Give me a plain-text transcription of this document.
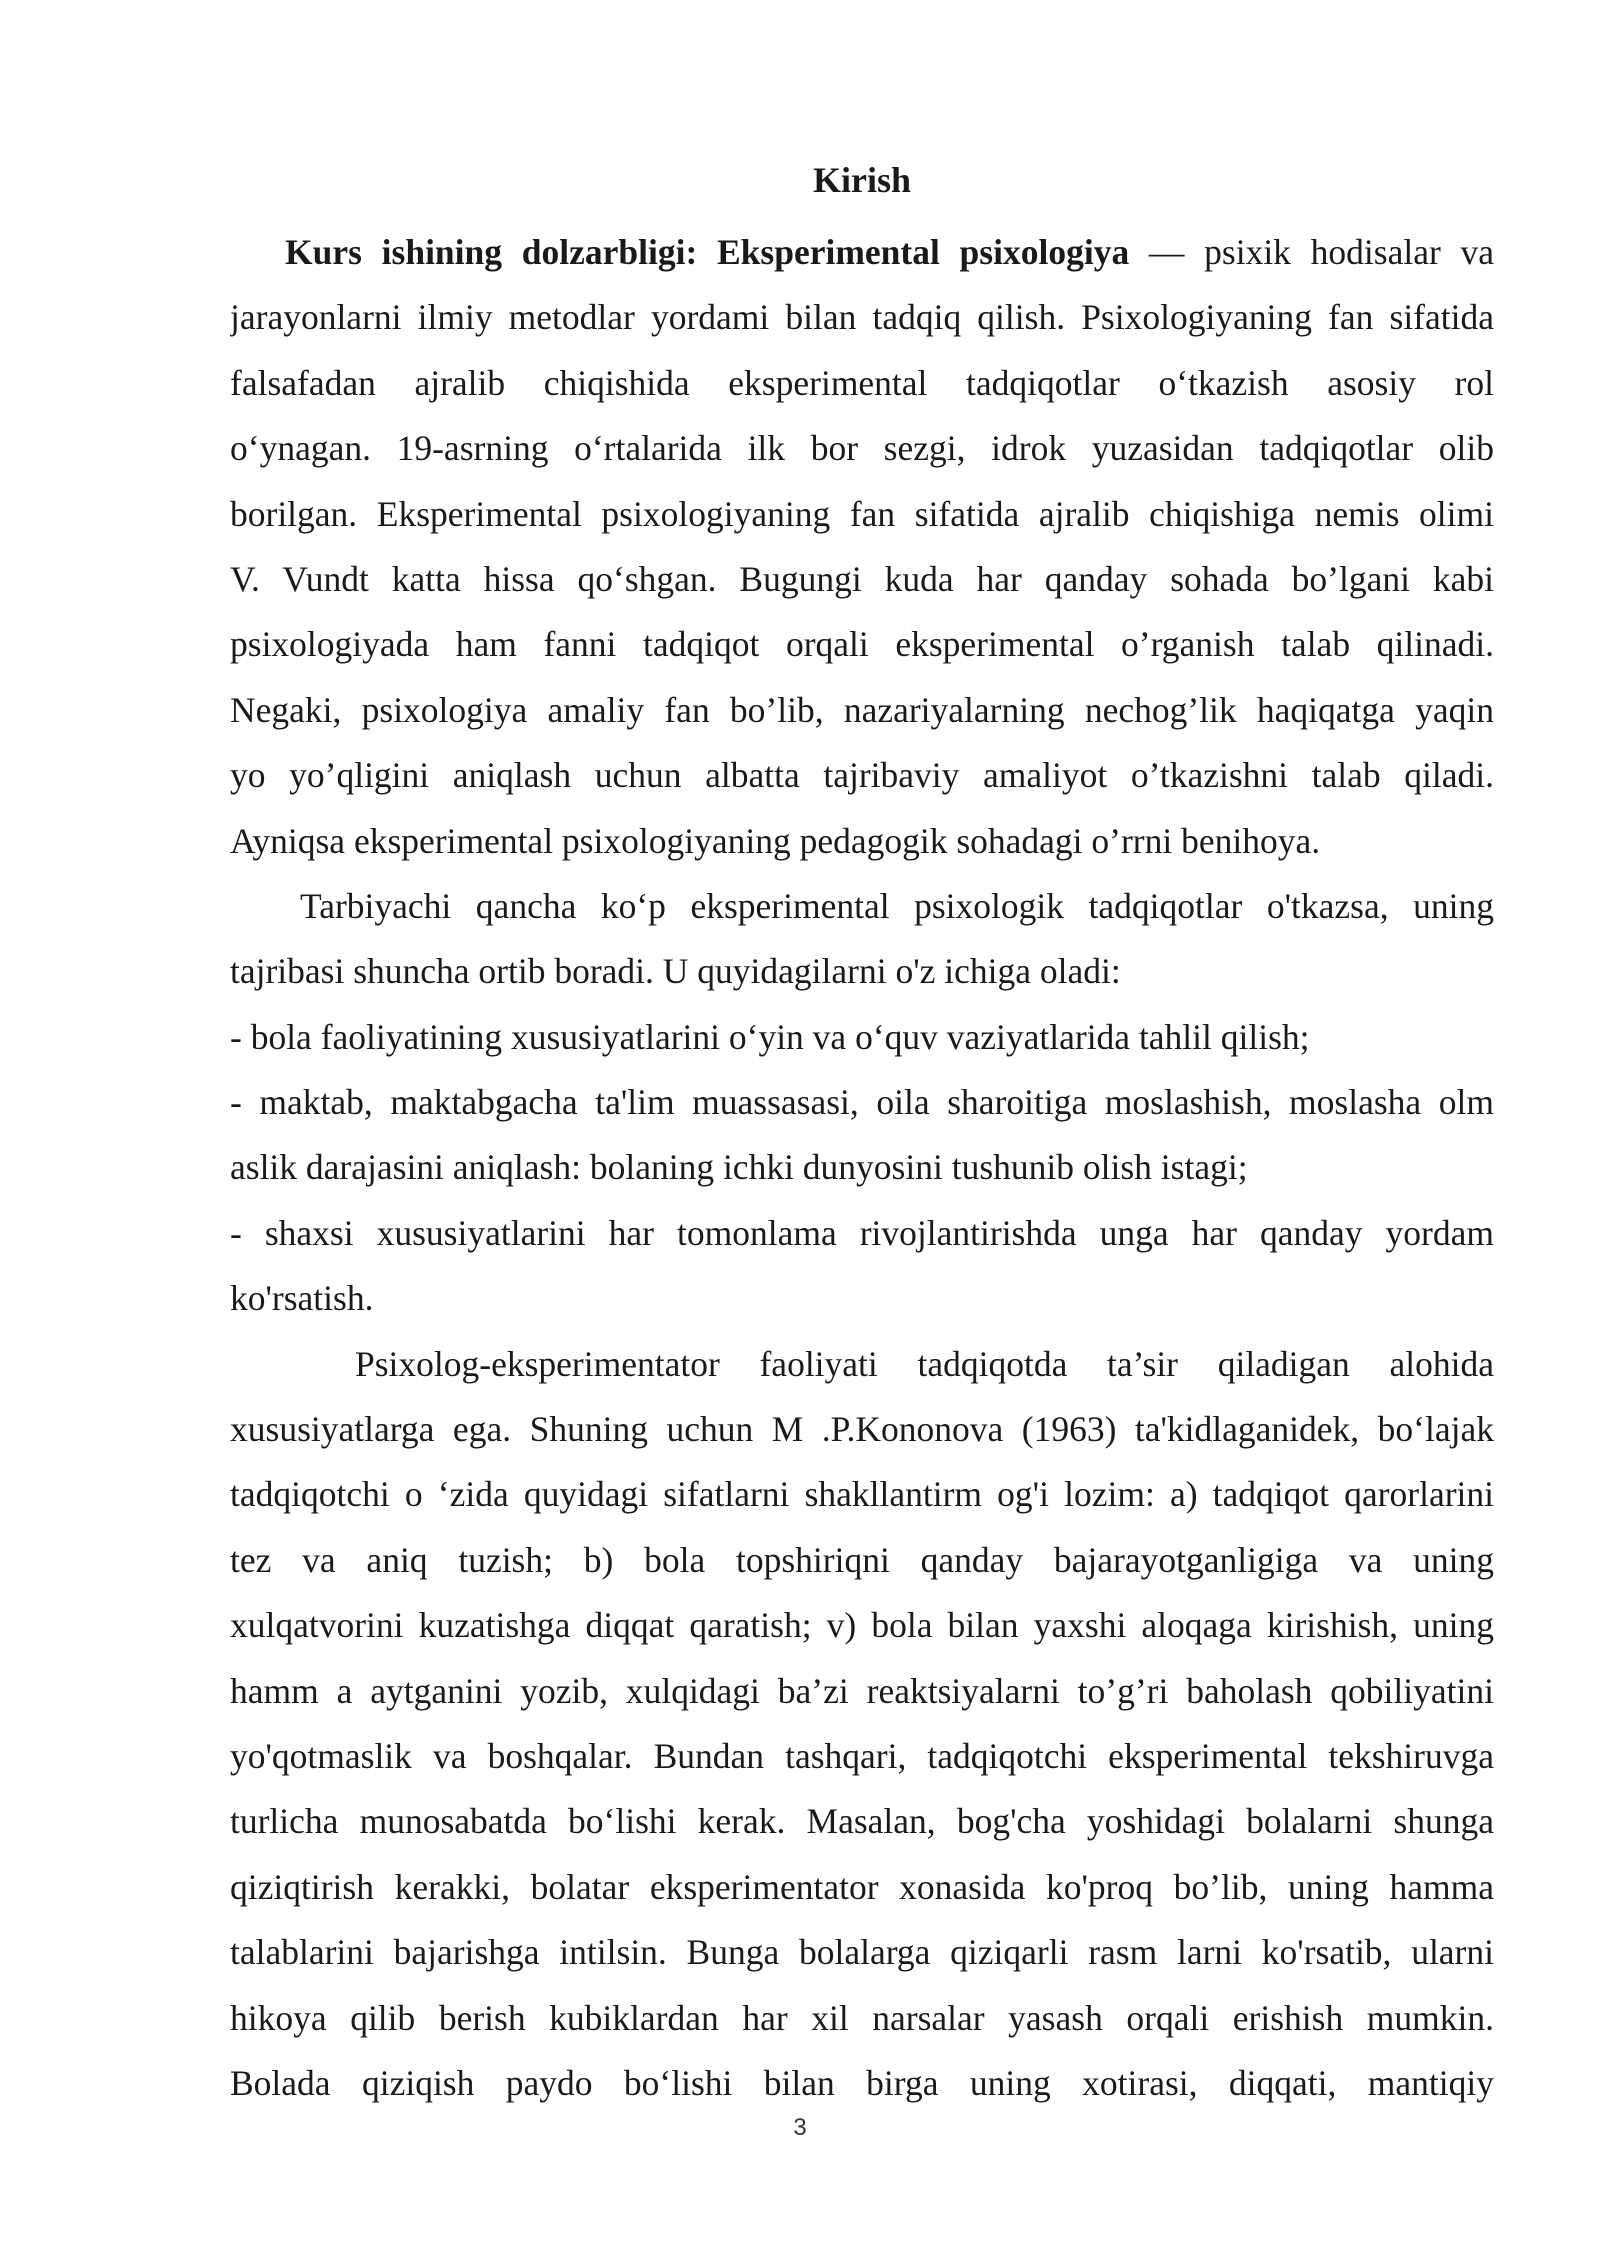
Kirish
Kurs ishining dolzarbligi: Eksperimental psixologiya — psixik hodisalar va
jarayonlarni ilmiy metodlar yordami bilan tadqiq qilish. Psixologiyaning fan sifatida
falsafadan ajralib chiqishida eksperimental tadqiqotlar o‘tkazish asosiy rol
o‘ynagan. 19-asrning o‘rtalarida ilk bor sezgi, idrok yuzasidan tadqiqotlar olib
borilgan. Eksperimental psixologiyaning fan sifatida ajralib chiqishiga nemis olimi
V. Vundt katta hissa qo‘shgan. Bugungi kuda har qanday sohada bo’lgani kabi
psixologiyada ham fanni tadqiqot orqali eksperimental o’rganish talab qilinadi.
Negaki, psixologiya amaliy fan bo’lib, nazariyalarning nechog’lik haqiqatga yaqin
yo yo’qligini aniqlash uchun albatta tajribaviy amaliyot o’tkazishni talab qiladi.
Ayniqsa eksperimental psixologiyaning pedagogik sohadagi o’rrni benihoya.
Tarbiyachi qancha ko‘p eksperimental psixologik tadqiqotlar o'tkazsa, uning
tajribasi shuncha ortib boradi. U quyidagilarni o'z ichiga oladi:
- bola faoliyatining xususiyatlarini o‘yin va o‘quv vaziyatlarida tahlil qilish;
- maktab, maktabgacha ta'lim muassasasi, oila sharoitiga moslashish, moslasha olm
aslik darajasini aniqlash: bolaning ichki dunyosini tushunib olish istagi;
- shaxsi xususiyatlarini har tomonlama rivojlantirishda unga har qanday yordam
ko'rsatish.
Psixolog-eksperimentator faoliyati tadqiqotda ta’sir qiladigan alohida
xususiyatlarga ega. Shuning uchun M .P.Kononova (1963) ta'kidlaganidek, bo‘lajak
tadqiqotchi o ‘zida quyidagi sifatlarni shakllantirm og'i lozim: a) tadqiqot qarorlarini
tez va aniq tuzish; b) bola topshiriqni qanday bajarayotganligiga va uning
xulqatvorini kuzatishga diqqat qaratish; v) bola bilan yaxshi aloqaga kirishish, uning
hamm a aytganini yozib, xulqidagi ba’zi reaktsiyalarni to’g’ri baholash qobiliyatini
yo'qotmaslik va boshqalar. Bundan tashqari, tadqiqotchi eksperimental tekshiruvga
turlicha munosabatda bo‘lishi kerak. Masalan, bog'cha yoshidagi bolalarni shunga
qiziqtirish kerakki, bolatar eksperimentator xonasida ko'proq bo’lib, uning hamma
talablarini bajarishga intilsin. Bunga bolalarga qiziqarli rasm larni ko'rsatib, ularni
hikoya qilib berish kubiklardan har xil narsalar yasash orqali erishish mumkin.
Bolada qiziqish paydo bo‘lishi bilan birga uning xotirasi, diqqati, mantiqiy
3
